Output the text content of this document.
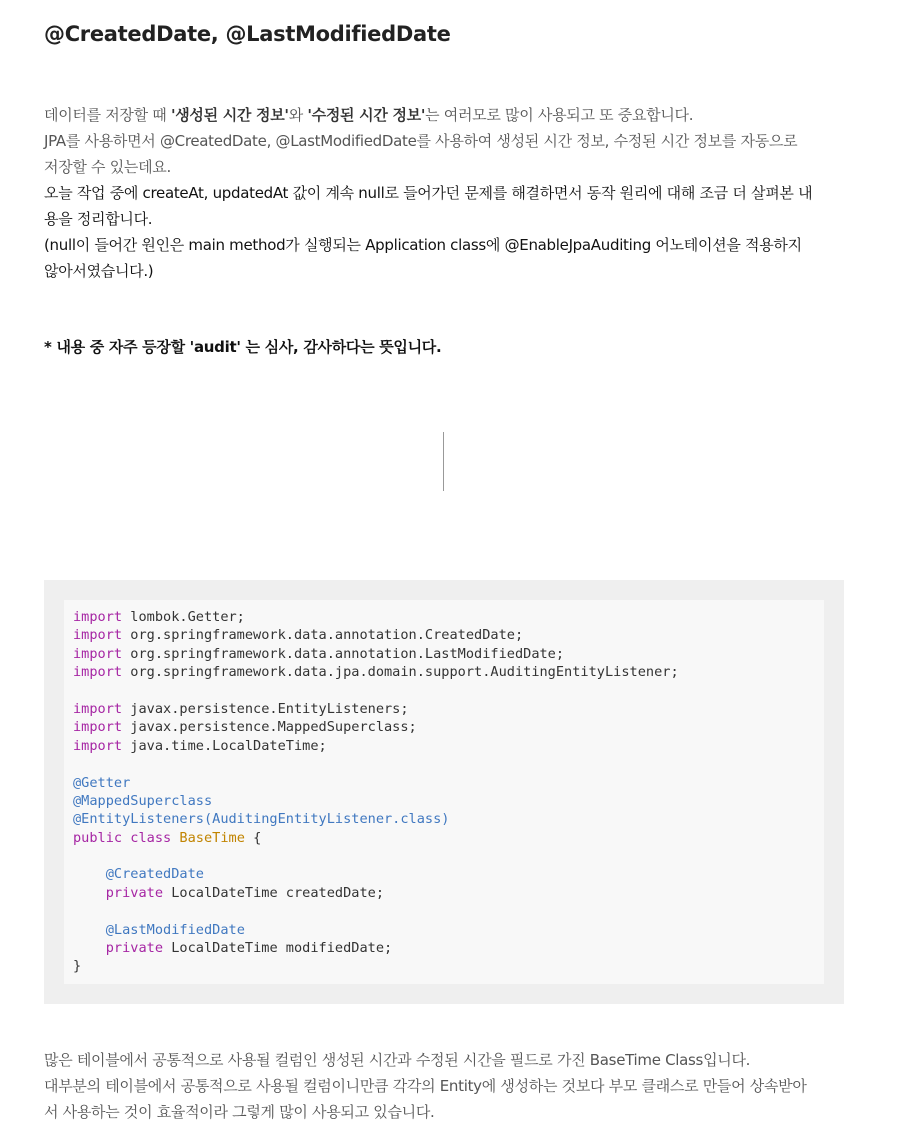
@CreatedDate, @LastModifiedDate

데이터를 저장할 때 '생성된 시간 정보'와 '수정된 시간 정보'는 여러모로 많이 사용되고 또 중요합니다.

JPA를 사용하면서 @CreatedDate, @LastModifiedDate를 사용하여 생성된 시간 정보, 수정된 시간 정보를 자동으로

저장할 수 있는데요.

오늘 작업 중에 createAt, updatedAt 값이 계속 null로 들어가던 문제를 해결하면서 동작 원리에 대해 조금 더 살펴본 내

용을 정리합니다.

(null이 들어간 원인은 main method가 실행되는 Application class에 @EnableJpaAuditing 어노테이션을 적용하지

않아서였습니다.)

* 내용 중 자주 등장할 'audit' 는 심사, 감사하다는 뜻입니다.

import lombok.Getter;
import org.springframework.data.annotation.CreatedDate;
import org.springframework.data.annotation.LastModifiedDate;
import org.springframework.data.jpa.domain.support.AuditingEntityListener;
import javax.persistence.EntityListeners;
import javax.persistence.MappedSuperclass;
import java.time.LocalDateTime;
@Getter
@MappedSuperclass
@EntityListeners(AuditingEntityListener.class)
public class BaseTime {
@CreatedDate
private LocalDateTime createdDate;
@LastModifiedDate
private LocalDateTime modifiedDate;
}

많은 테이블에서 공통적으로 사용될 컬럼인 생성된 시간과 수정된 시간을 필드로 가진 BaseTime Class입니다.

대부분의 테이블에서 공통적으로 사용될 컬럼이니만큼 각각의 Entity에 생성하는 것보다 부모 클래스로 만들어 상속받아

서 사용하는 것이 효율적이라 그렇게 많이 사용되고 있습니다.
